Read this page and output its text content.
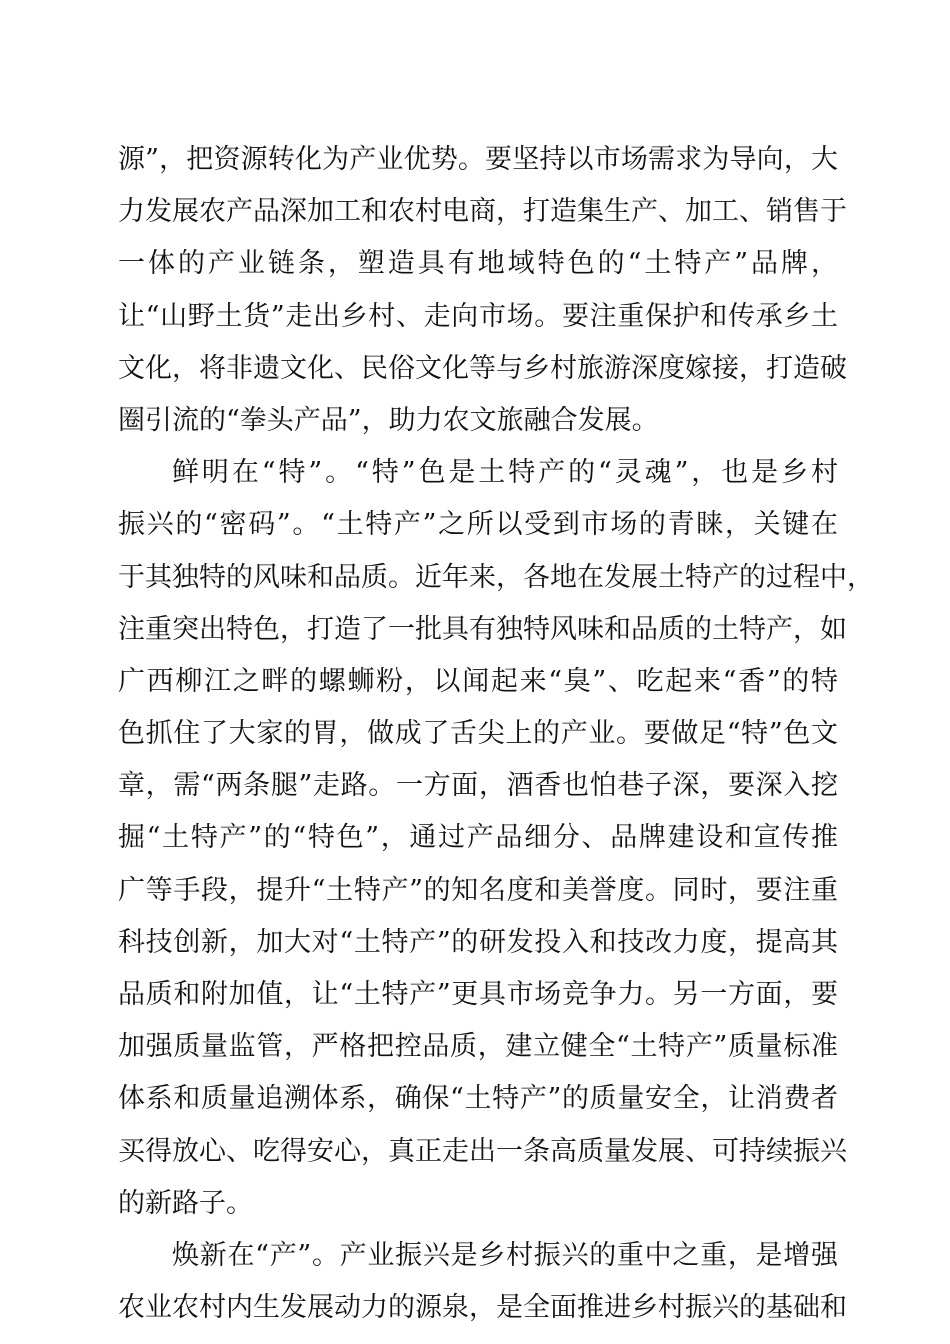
源”，把资源转化为产业优势。要坚持以市场需求为导向，大
力发展农产品深加工和农村电商，打造集生产、加工、销售于
一体的产业链条，塑造具有地域特色的“土特产”品牌，
让“山野土货”走出乡村、走向市场。要注重保护和传承乡土
文化，将非遗文化、民俗文化等与乡村旅游深度嫁接，打造破
圈引流的“拳头产品”，助力农文旅融合发展。
鲜明在“特”。“特”色是土特产的“灵魂”，也是乡村
振兴的“密码”。“土特产”之所以受到市场的青睐，关键在
于其独特的风味和品质。近年来，各地在发展土特产的过程中，
注重突出特色，打造了一批具有独特风味和品质的土特产，如
广西柳江之畔的螺蛳粉，以闻起来“臭”、吃起来“香”的特
色抓住了大家的胃，做成了舌尖上的产业。要做足“特”色文
章，需“两条腿”走路。一方面，酒香也怕巷子深，要深入挖
掘“土特产”的“特色”，通过产品细分、品牌建设和宣传推
广等手段，提升“土特产”的知名度和美誉度。同时，要注重
科技创新，加大对“土特产”的研发投入和技改力度，提高其
品质和附加值，让“土特产”更具市场竞争力。另一方面，要
加强质量监管，严格把控品质，建立健全“土特产”质量标准
体系和质量追溯体系，确保“土特产”的质量安全，让消费者
买得放心、吃得安心，真正走出一条高质量发展、可持续振兴
的新路子。
焕新在“产”。产业振兴是乡村振兴的重中之重，是增强
农业农村内生发展动力的源泉，是全面推进乡村振兴的基础和
